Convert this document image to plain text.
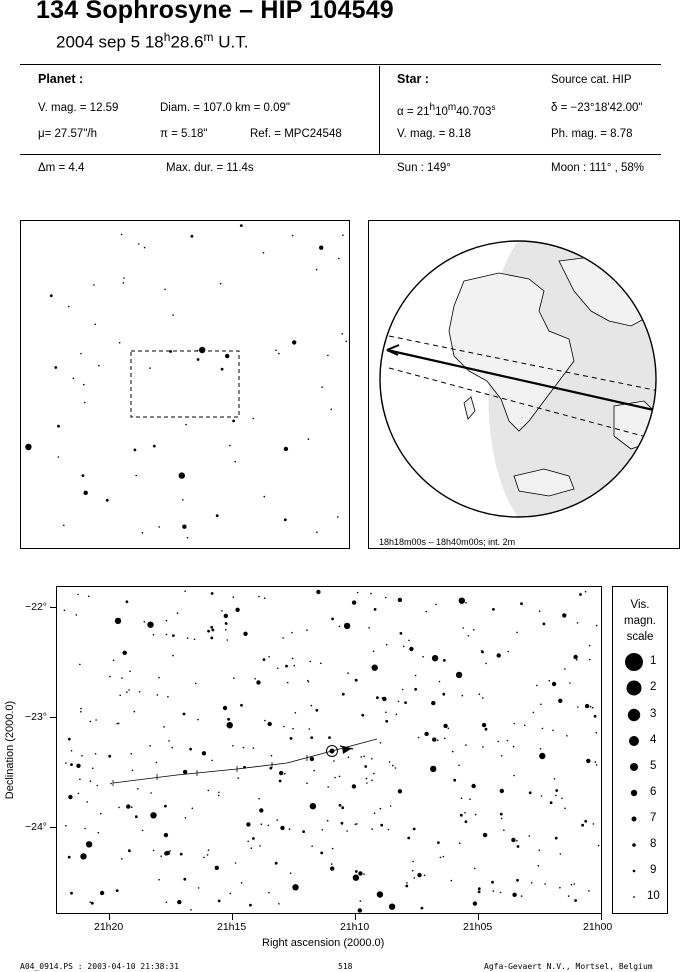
134 Sophrosyne – HIP 104549
2004 sep 5 18$^h$28.6$^m$ U.T.
Planet :
V. mag. = 12.59	Diam. = 107.0 km = 0.09"
μ= 27.57"/h	π = 5.18"	Ref. = MPC24548
Star :	Source cat. HIP
$\alpha = 21^h10^m40.703^s$	δ = −23°18'42.00"
V. mag. = 8.18	Ph. mag. = 8.78
Δm = 4.4	Max. dur. = 11.4s	Sun : 149°	Moon : 111° , 58%
18h18m00s – 18h40m00s; int. 2m
−22°
−23°
−24°
Declination (2000.0)
21h20	21h15	21h10	21h05	21h00
Right ascension (2000.0)
Vis.
magn.
scale
1
2
3
4
5
6
7
8
9
10
A04_0914.PS : 2003-04-10 21:38:31	518	Agfa-Gevaert N.V., Mortsel, Belgium
